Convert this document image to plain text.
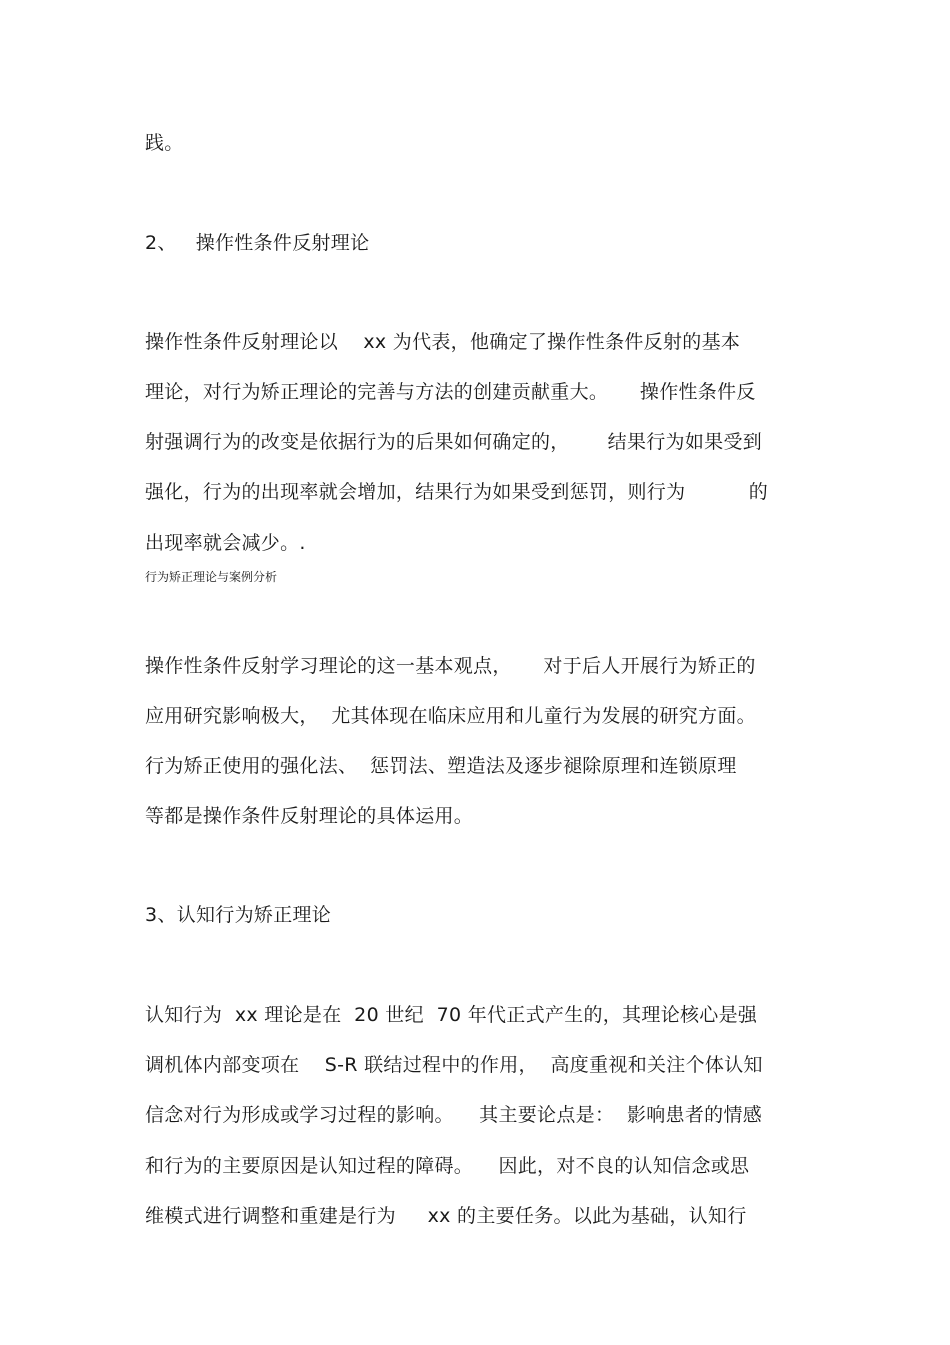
践。
2、   操作性条件反射理论
操作性条件反射理论以    xx 为代表，他确定了操作性条件反射的基本
理论，对行为矫正理论的完善与方法的创建贡献重大。     操作性条件反
射强调行为的改变是依据行为的后果如何确定的，      结果行为如果受到
强化，行为的出现率就会增加，结果行为如果受到惩罚，则行为          的
出现率就会减少。.
行为矫正理论与案例分析
操作性条件反射学习理论的这一基本观点，     对于后人开展行为矫正的
应用研究影响极大，  尤其体现在临床应用和儿童行为发展的研究方面。
行为矫正使用的强化法、  惩罚法、塑造法及逐步褪除原理和连锁原理
等都是操作条件反射理论的具体运用。
3、认知行为矫正理论
认知行为  xx 理论是在  20 世纪  70 年代正式产生的，其理论核心是强
调机体内部变项在    S-R 联结过程中的作用，  高度重视和关注个体认知
信念对行为形成或学习过程的影响。    其主要论点是：  影响患者的情感
和行为的主要原因是认知过程的障碍。    因此，对不良的认知信念或思
维模式进行调整和重建是行为     xx 的主要任务。以此为基础，认知行
